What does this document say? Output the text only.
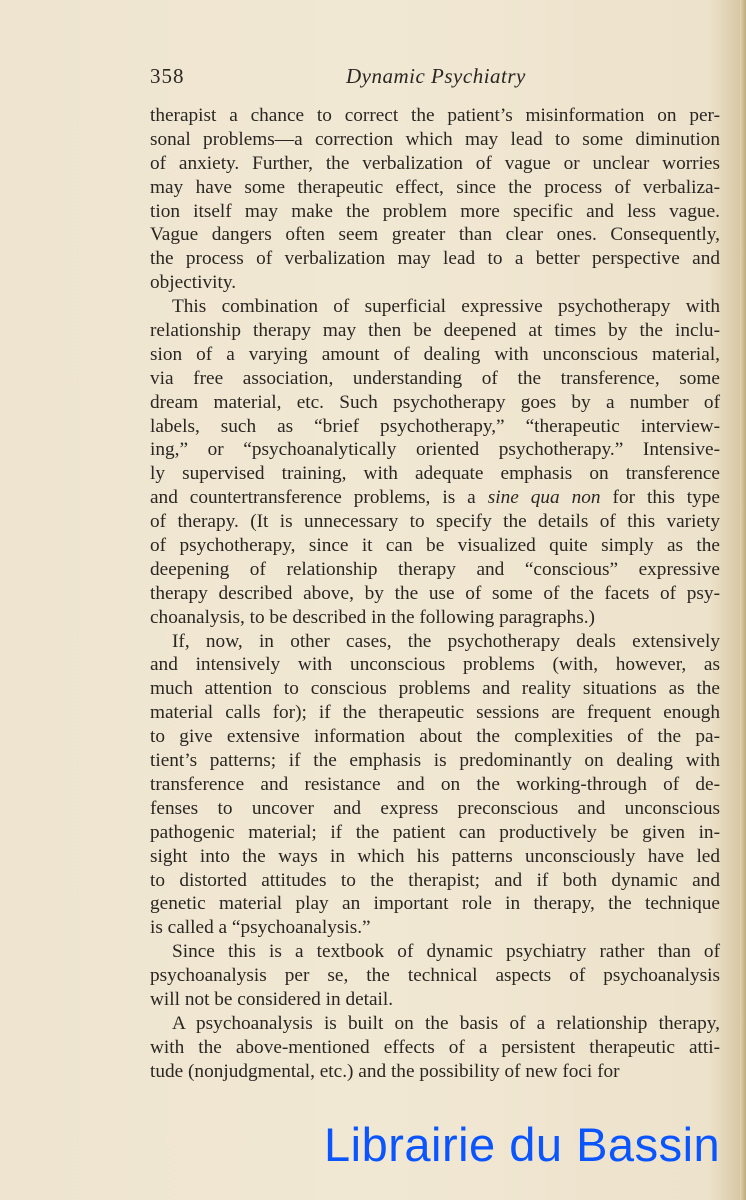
358	Dynamic Psychiatry
therapist a chance to correct the patient’s misinformation on per-
sonal problems—a correction which may lead to some diminution
of anxiety. Further, the verbalization of vague or unclear worries
may have some therapeutic effect, since the process of verbaliza-
tion itself may make the problem more specific and less vague.
Vague dangers often seem greater than clear ones. Consequently,
the process of verbalization may lead to a better perspective and
objectivity.
This combination of superficial expressive psychotherapy with
relationship therapy may then be deepened at times by the inclu-
sion of a varying amount of dealing with unconscious material,
via free association, understanding of the transference, some
dream material, etc. Such psychotherapy goes by a number of
labels, such as “brief psychotherapy,” “therapeutic interview-
ing,” or “psychoanalytically oriented psychotherapy.” Intensive-
ly supervised training, with adequate emphasis on transference
and countertransference problems, is a sine qua non for this type
of therapy. (It is unnecessary to specify the details of this variety
of psychotherapy, since it can be visualized quite simply as the
deepening of relationship therapy and “conscious” expressive
therapy described above, by the use of some of the facets of psy-
choanalysis, to be described in the following paragraphs.)
If, now, in other cases, the psychotherapy deals extensively
and intensively with unconscious problems (with, however, as
much attention to conscious problems and reality situations as the
material calls for); if the therapeutic sessions are frequent enough
to give extensive information about the complexities of the pa-
tient’s patterns; if the emphasis is predominantly on dealing with
transference and resistance and on the working-through of de-
fenses to uncover and express preconscious and unconscious
pathogenic material; if the patient can productively be given in-
sight into the ways in which his patterns unconsciously have led
to distorted attitudes to the therapist; and if both dynamic and
genetic material play an important role in therapy, the technique
is called a “psychoanalysis.”
Since this is a textbook of dynamic psychiatry rather than of
psychoanalysis per se, the technical aspects of psychoanalysis
will not be considered in detail.
A psychoanalysis is built on the basis of a relationship therapy,
with the above-mentioned effects of a persistent therapeutic atti-
tude (nonjudgmental, etc.) and the possibility of new foci for
Librairie du Bassin
